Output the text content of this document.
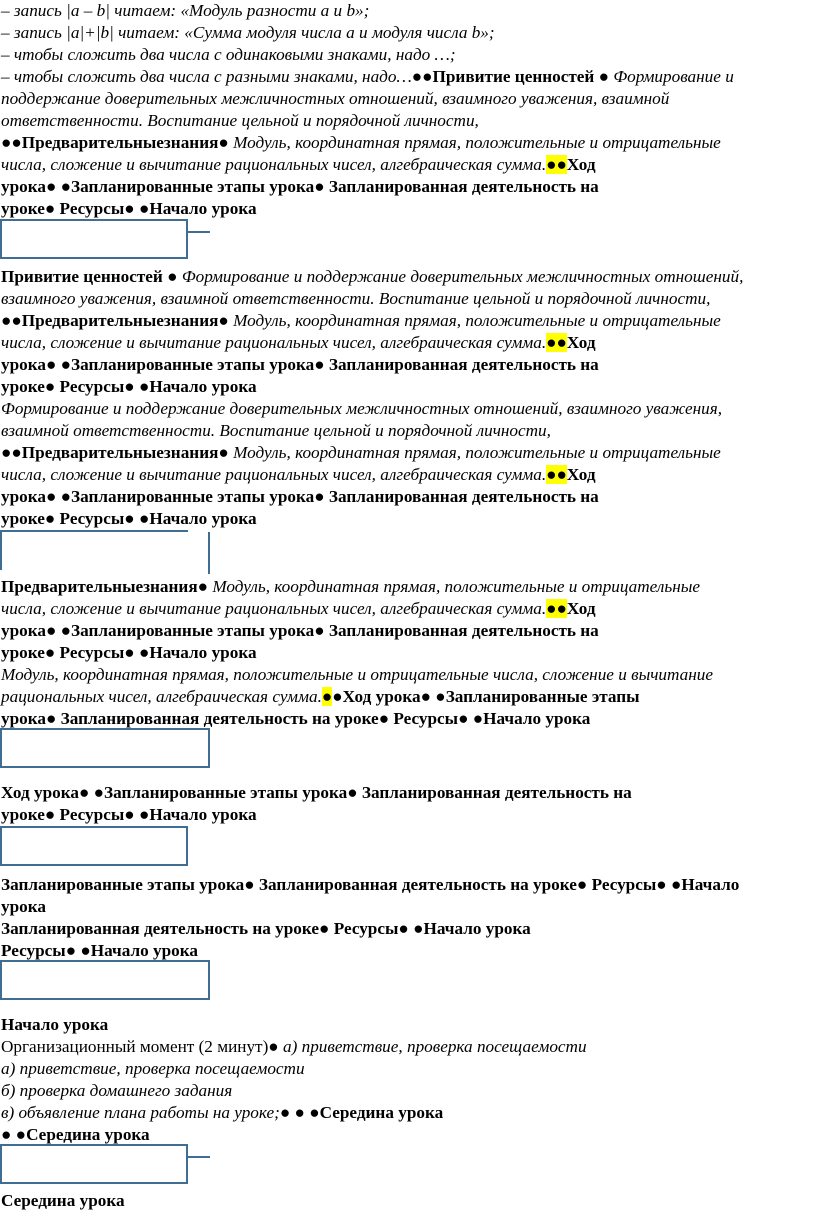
– запись |a – b| читаем: «Модуль разности a и b»;
– запись |a|+|b| читаем: «Сумма модуля числа a и модуля числа b»;
– чтобы сложить два числа с одинаковыми знаками, надо …;
– чтобы сложить два числа с разными знаками, надо…●●Привитие ценностей ● Формирование и
поддержание доверительных межличностных отношений, взаимного уважения, взаимной
ответственности. Воспитание цельной и порядочной личности,
●●Предварительныезнания● Модуль, координатная прямая, положительные и отрицательные
числа, сложение и вычитание рациональных чисел, алгебраическая сумма.●●Ход
урока● ●Запланированные этапы урока● Запланированная деятельность на
уроке● Ресурсы● ●Начало урока
Привитие ценностей ● Формирование и поддержание доверительных межличностных отношений,
взаимного уважения, взаимной ответственности. Воспитание цельной и порядочной личности,
●●Предварительныезнания● Модуль, координатная прямая, положительные и отрицательные
числа, сложение и вычитание рациональных чисел, алгебраическая сумма.●●Ход
урока● ●Запланированные этапы урока● Запланированная деятельность на
уроке● Ресурсы● ●Начало урока
Формирование и поддержание доверительных межличностных отношений, взаимного уважения,
взаимной ответственности. Воспитание цельной и порядочной личности,
●●Предварительныезнания● Модуль, координатная прямая, положительные и отрицательные
числа, сложение и вычитание рациональных чисел, алгебраическая сумма.●●Ход
урока● ●Запланированные этапы урока● Запланированная деятельность на
уроке● Ресурсы● ●Начало урока
Предварительныезнания● Модуль, координатная прямая, положительные и отрицательные
числа, сложение и вычитание рациональных чисел, алгебраическая сумма.●●Ход
урока● ●Запланированные этапы урока● Запланированная деятельность на
уроке● Ресурсы● ●Начало урока
Модуль, координатная прямая, положительные и отрицательные числа, сложение и вычитание
рациональных чисел, алгебраическая сумма.●●Ход урока● ●Запланированные этапы
урока● Запланированная деятельность на уроке● Ресурсы● ●Начало урока
Ход урока● ●Запланированные этапы урока● Запланированная деятельность на
уроке● Ресурсы● ●Начало урока
Запланированные этапы урока● Запланированная деятельность на уроке● Ресурсы● ●Начало
урока
Запланированная деятельность на уроке● Ресурсы● ●Начало урока
Ресурсы● ●Начало урока
Начало урока
Организационный момент (2 минут)● а) приветствие, проверка посещаемости
а) приветствие, проверка посещаемости
б) проверка домашнего задания
в) объявление плана работы на уроке;● ● ●Середина урока
● ●Середина урока
Середина урока
